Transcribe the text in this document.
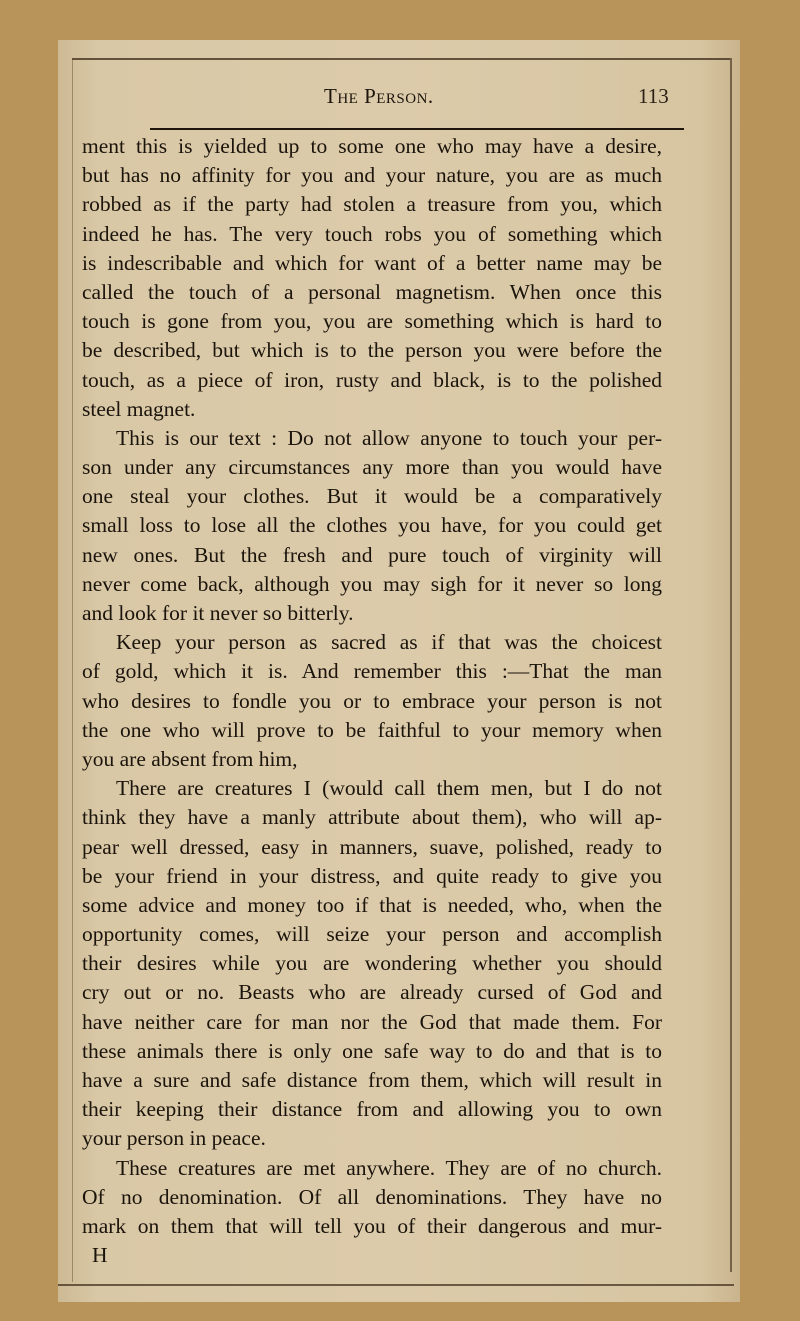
The Person.	113
ment this is yielded up to some one who may have a desire,
but has no affinity for you and your nature, you are as much
robbed as if the party had stolen a treasure from you, which
indeed he has. The very touch robs you of something which
is indescribable and which for want of a better name may be
called the touch of a personal magnetism. When once this
touch is gone from you, you are something which is hard to
be described, but which is to the person you were before the
touch, as a piece of iron, rusty and black, is to the polished
steel magnet.
This is our text : Do not allow anyone to touch your per-
son under any circumstances any more than you would have
one steal your clothes. But it would be a comparatively
small loss to lose all the clothes you have, for you could get
new ones. But the fresh and pure touch of virginity will
never come back, although you may sigh for it never so long
and look for it never so bitterly.
Keep your person as sacred as if that was the choicest
of gold, which it is. And remember this :—That the man
who desires to fondle you or to embrace your person is not
the one who will prove to be faithful to your memory when
you are absent from him,
There are creatures I (would call them men, but I do not
think they have a manly attribute about them), who will ap-
pear well dressed, easy in manners, suave, polished, ready to
be your friend in your distress, and quite ready to give you
some advice and money too if that is needed, who, when the
opportunity comes, will seize your person and accomplish
their desires while you are wondering whether you should
cry out or no. Beasts who are already cursed of God and
have neither care for man nor the God that made them. For
these animals there is only one safe way to do and that is to
have a sure and safe distance from them, which will result in
their keeping their distance from and allowing you to own
your person in peace.
These creatures are met anywhere. They are of no church.
Of no denomination. Of all denominations. They have no
mark on them that will tell you of their dangerous and mur-
H
